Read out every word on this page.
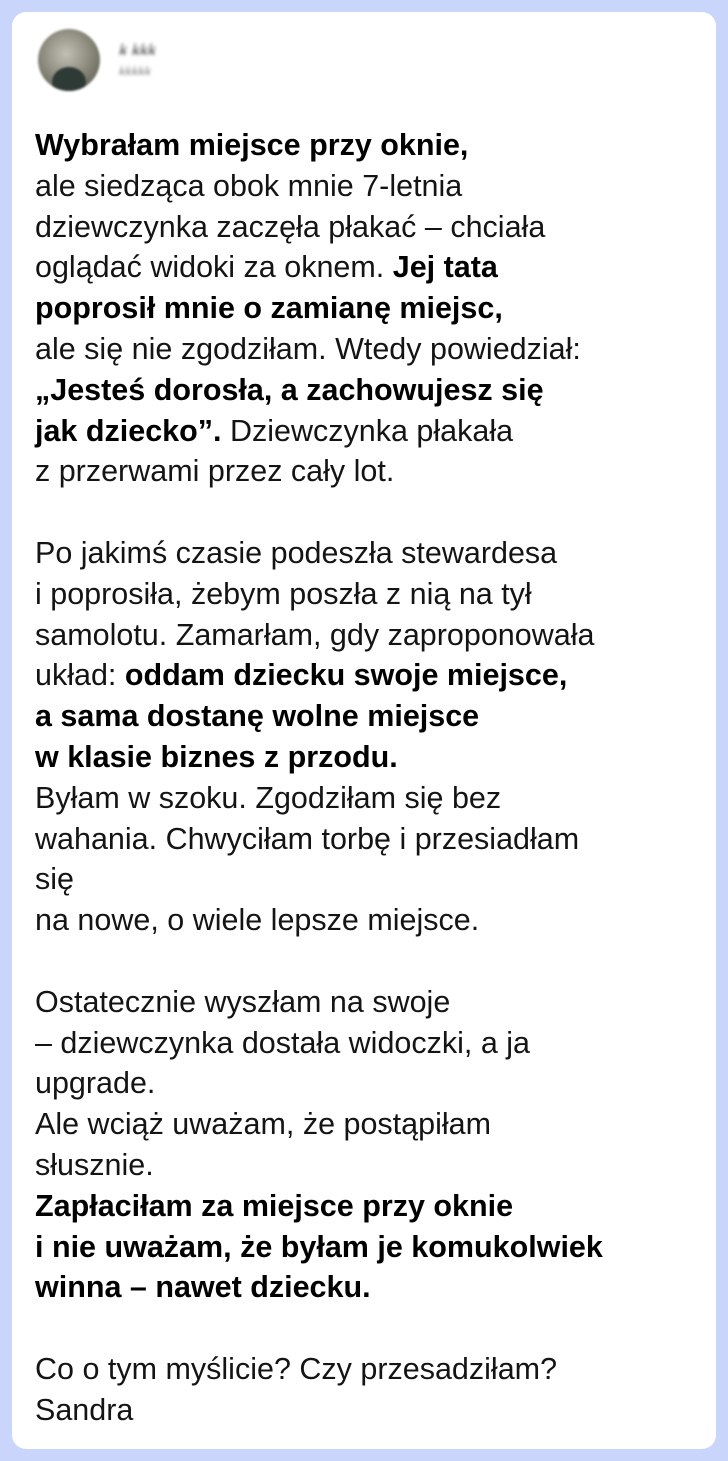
ꝃ ꝃꝃꝃ
ꝃꝃꝃꝃꝃ
Wybrałam miejsce przy oknie,
ale siedząca obok mnie 7-letnia
dziewczynka zaczęła płakać – chciała
oglądać widoki za oknem. Jej tata
poprosił mnie o zamianę miejsc,
ale się nie zgodziłam. Wtedy powiedział:
„Jesteś dorosła, a zachowujesz się
jak dziecko”. Dziewczynka płakała
z przerwami przez cały lot.
Po jakimś czasie podeszła stewardesa
i poprosiła, żebym poszła z nią na tył
samolotu. Zamarłam, gdy zaproponowała
układ: oddam dziecku swoje miejsce,
a sama dostanę wolne miejsce
w klasie biznes z przodu.
Byłam w szoku. Zgodziłam się bez
wahania. Chwyciłam torbę i przesiadłam
się
na nowe, o wiele lepsze miejsce.
Ostatecznie wyszłam na swoje
– dziewczynka dostała widoczki, a ja
upgrade.
Ale wciąż uważam, że postąpiłam
słusznie.
Zapłaciłam za miejsce przy oknie
i nie uważam, że byłam je komukolwiek
winna – nawet dziecku.
Co o tym myślicie? Czy przesadziłam?
Sandra
